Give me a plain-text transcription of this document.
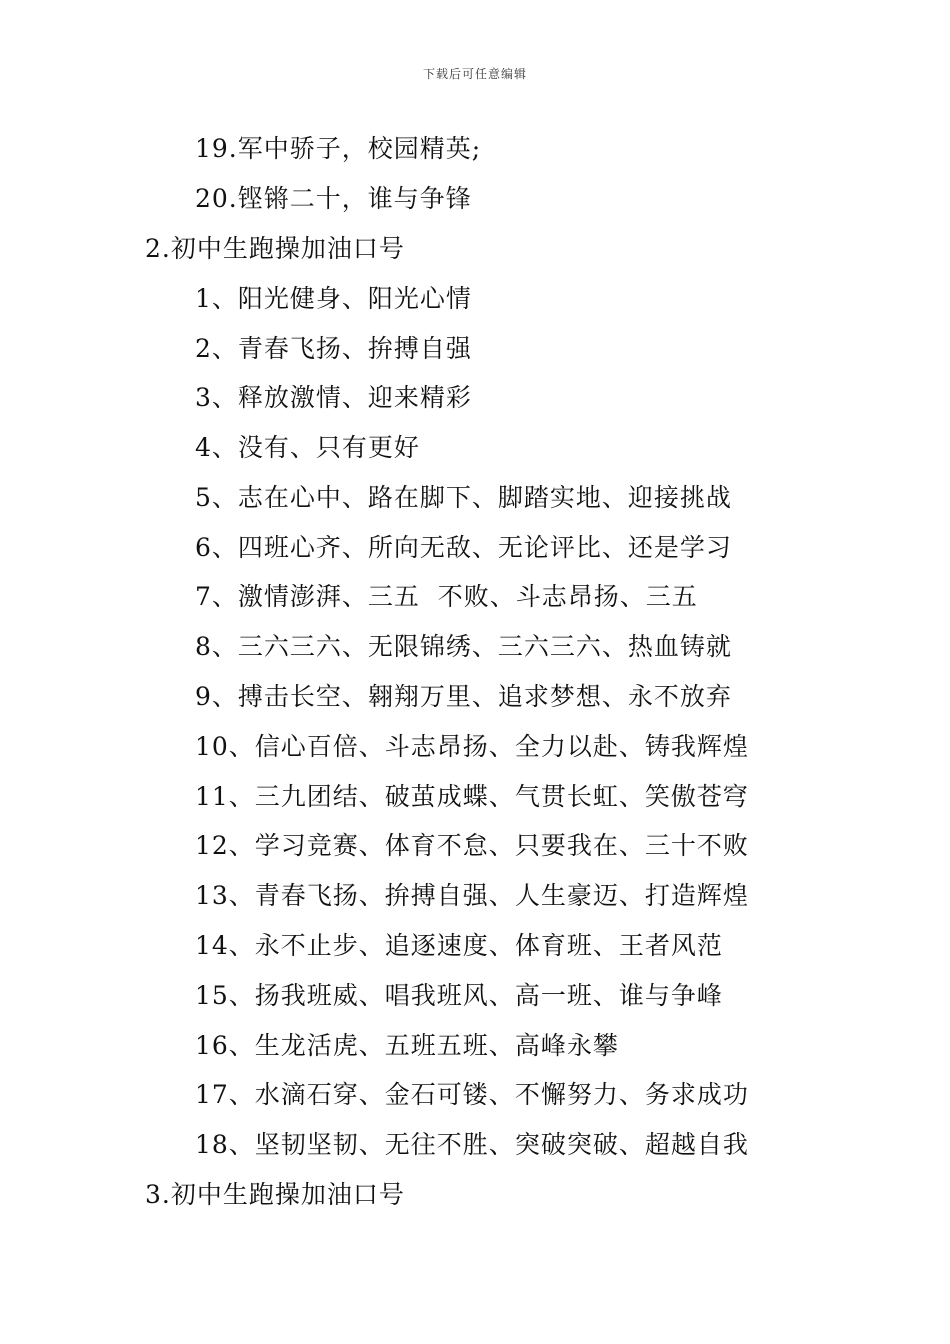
下载后可任意编辑
19.军中骄子，校园精英;
20.铿锵二十，谁与争锋
2.初中生跑操加油口号
1、阳光健身、阳光心情
2、青春飞扬、拚搏自强
3、释放激情、迎来精彩
4、没有、只有更好
5、志在心中、路在脚下、脚踏实地、迎接挑战
6、四班心齐、所向无敌、无论评比、还是学习
7、激情澎湃、三五  不败、斗志昂扬、三五
8、三六三六、无限锦绣、三六三六、热血铸就
9、搏击长空、翱翔万里、追求梦想、永不放弃
10、信心百倍、斗志昂扬、全力以赴、铸我辉煌
11、三九团结、破茧成蝶、气贯长虹、笑傲苍穹
12、学习竞赛、体育不怠、只要我在、三十不败
13、青春飞扬、拚搏自强、人生豪迈、打造辉煌
14、永不止步、追逐速度、体育班、王者风范
15、扬我班威、唱我班风、高一班、谁与争峰
16、生龙活虎、五班五班、高峰永攀
17、水滴石穿、金石可镂、不懈努力、务求成功
18、坚韧坚韧、无往不胜、突破突破、超越自我
3.初中生跑操加油口号
